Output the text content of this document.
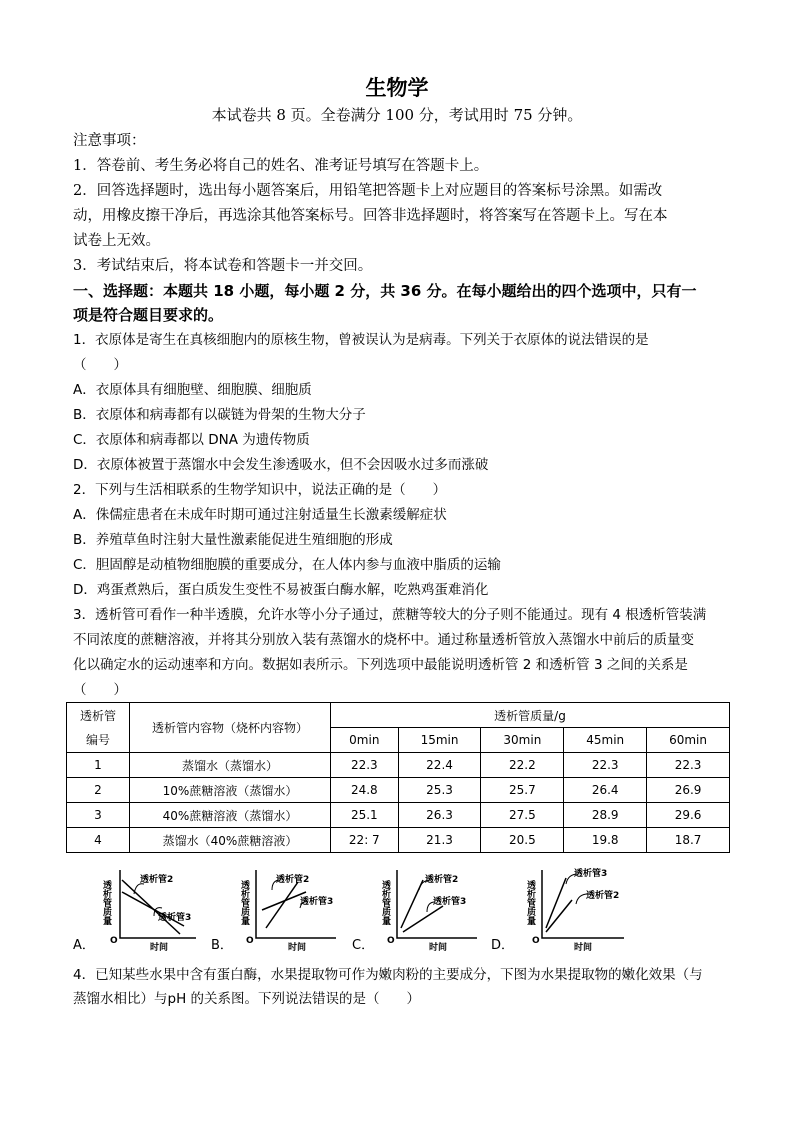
生物学
本试卷共 8 页。全卷满分 100 分，考试用时 75 分钟。
注意事项：
1．答卷前、考生务必将自己的姓名、准考证号填写在答题卡上。
2．回答选择题时，选出每小题答案后，用铅笔把答题卡上对应题目的答案标号涂黑。如需改
动，用橡皮擦干净后，再选涂其他答案标号。回答非选择题时，将答案写在答题卡上。写在本
试卷上无效。
3．考试结束后，将本试卷和答题卡一并交回。
一、选择题：本题共 18 小题，每小题 2 分，共 36 分。在每小题给出的四个选项中，只有一
项是符合题目要求的。
1．衣原体是寄生在真核细胞内的原核生物，曾被误认为是病毒。下列关于衣原体的说法错误的是
（　　）
A．衣原体具有细胞壁、细胞膜、细胞质
B．衣原体和病毒都有以碳链为骨架的生物大分子
C．衣原体和病毒都以 DNA 为遗传物质
D．衣原体被置于蒸馏水中会发生渗透吸水，但不会因吸水过多而涨破
2．下列与生活相联系的生物学知识中，说法正确的是（　　）
A．侏儒症患者在未成年时期可通过注射适量生长激素缓解症状
B．养殖草鱼时注射大量性激素能促进生殖细胞的形成
C．胆固醇是动植物细胞膜的重要成分，在人体内参与血液中脂质的运输
D．鸡蛋煮熟后，蛋白质发生变性不易被蛋白酶水解，吃熟鸡蛋难消化
3．透析管可看作一种半透膜，允许水等小分子通过，蔗糖等较大的分子则不能通过。现有 4 根透析管装满
不同浓度的蔗糖溶液，并将其分别放入装有蒸馏水的烧杯中。通过称量透析管放入蒸馏水中前后的质量变
化以确定水的运动速率和方向。数据如表所示。下列选项中最能说明透析管 2 和透析管 3 之间的关系是
（　　）
透析管	透析管内容物（烧杯内容物）	透析管质量/g				
编号		0min	15min	30min	45min	60min
1	蒸馏水（蒸馏水）	22.3	22.4	22.2	22.3	22.3
2	10%蔗糖溶液（蒸馏水）	24.8	25.3	25.7	26.4	26.9
3	40%蔗糖溶液（蒸馏水）	25.1	26.3	27.5	28.9	29.6
4	蒸馏水（40%蔗糖溶液）	22: 7	21.3	20.5	19.8	18.7
A．
透析管2
透析管3
透析管质量
O
时间	B．
透析管2
透析管3
透析管质量
O
时间	C．
透析管2
透析管3
透析管质量
O
时间	D．
透析管3
透析管2
透析管质量
O
时间
4．已知某些水果中含有蛋白酶，水果提取物可作为嫩肉粉的主要成分，下图为水果提取物的嫩化效果（与
蒸馏水相比）与pH 的关系图。下列说法错误的是（　　）
